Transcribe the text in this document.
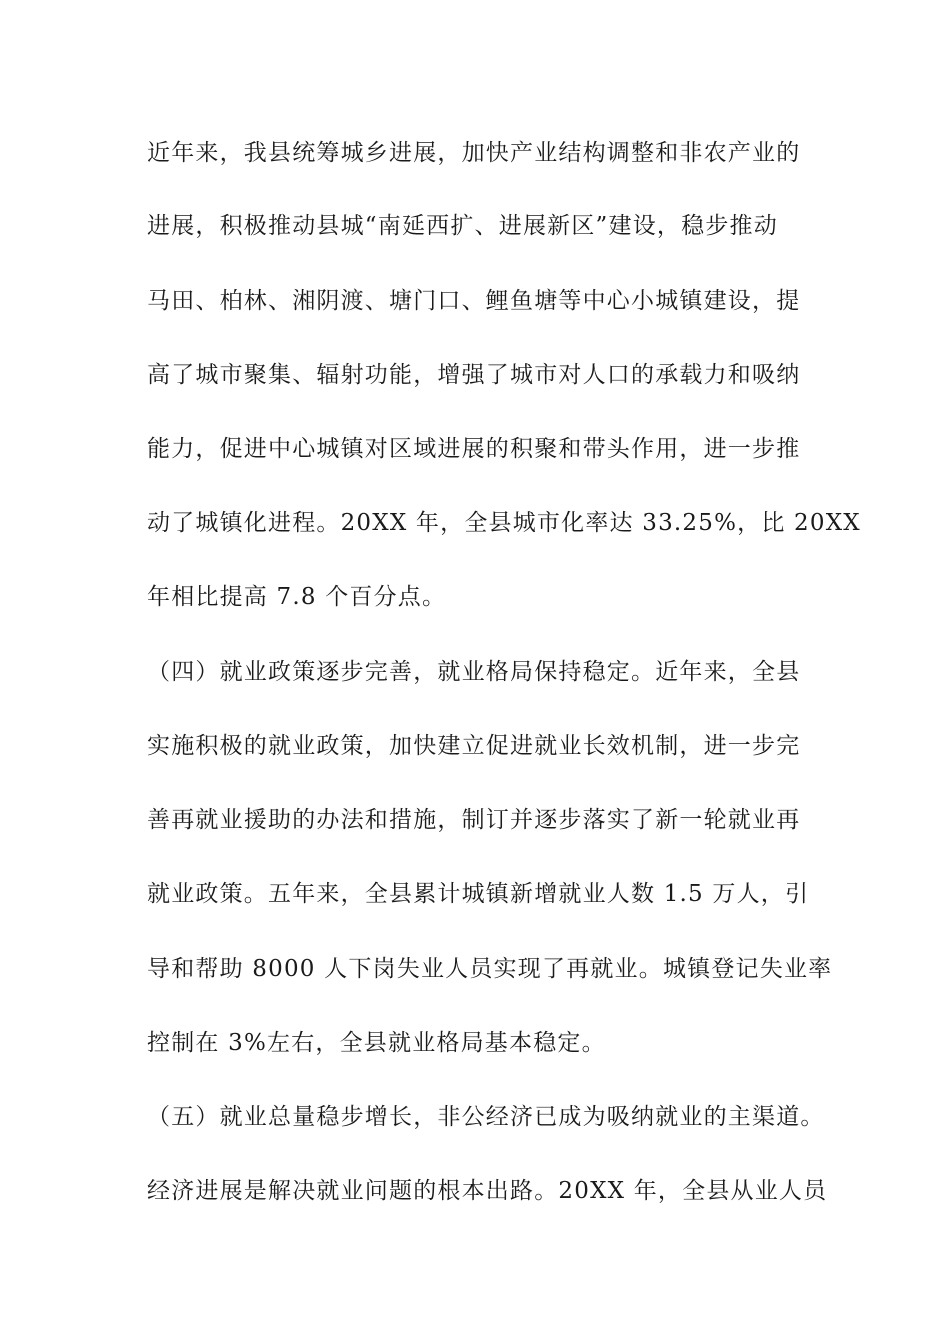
近年来，我县统筹城乡进展，加快产业结构调整和非农产业的
进展，积极推动县城“南延西扩、进展新区”建设，稳步推动
马田、柏林、湘阴渡、塘门口、鲤鱼塘等中心小城镇建设，提
高了城市聚集、辐射功能，增强了城市对人口的承载力和吸纳
能力，促进中心城镇对区域进展的积聚和带头作用，进一步推
动了城镇化进程。20XX 年，全县城市化率达 33.25%，比 20XX
年相比提高 7.8 个百分点。
（四）就业政策逐步完善，就业格局保持稳定。近年来，全县
实施积极的就业政策，加快建立促进就业长效机制，进一步完
善再就业援助的办法和措施，制订并逐步落实了新一轮就业再
就业政策。五年来，全县累计城镇新增就业人数 1.5 万人，引
导和帮助 8000 人下岗失业人员实现了再就业。城镇登记失业率
控制在 3%左右，全县就业格局基本稳定。
（五）就业总量稳步增长，非公经济已成为吸纳就业的主渠道。
经济进展是解决就业问题的根本出路。20XX 年，全县从业人员
